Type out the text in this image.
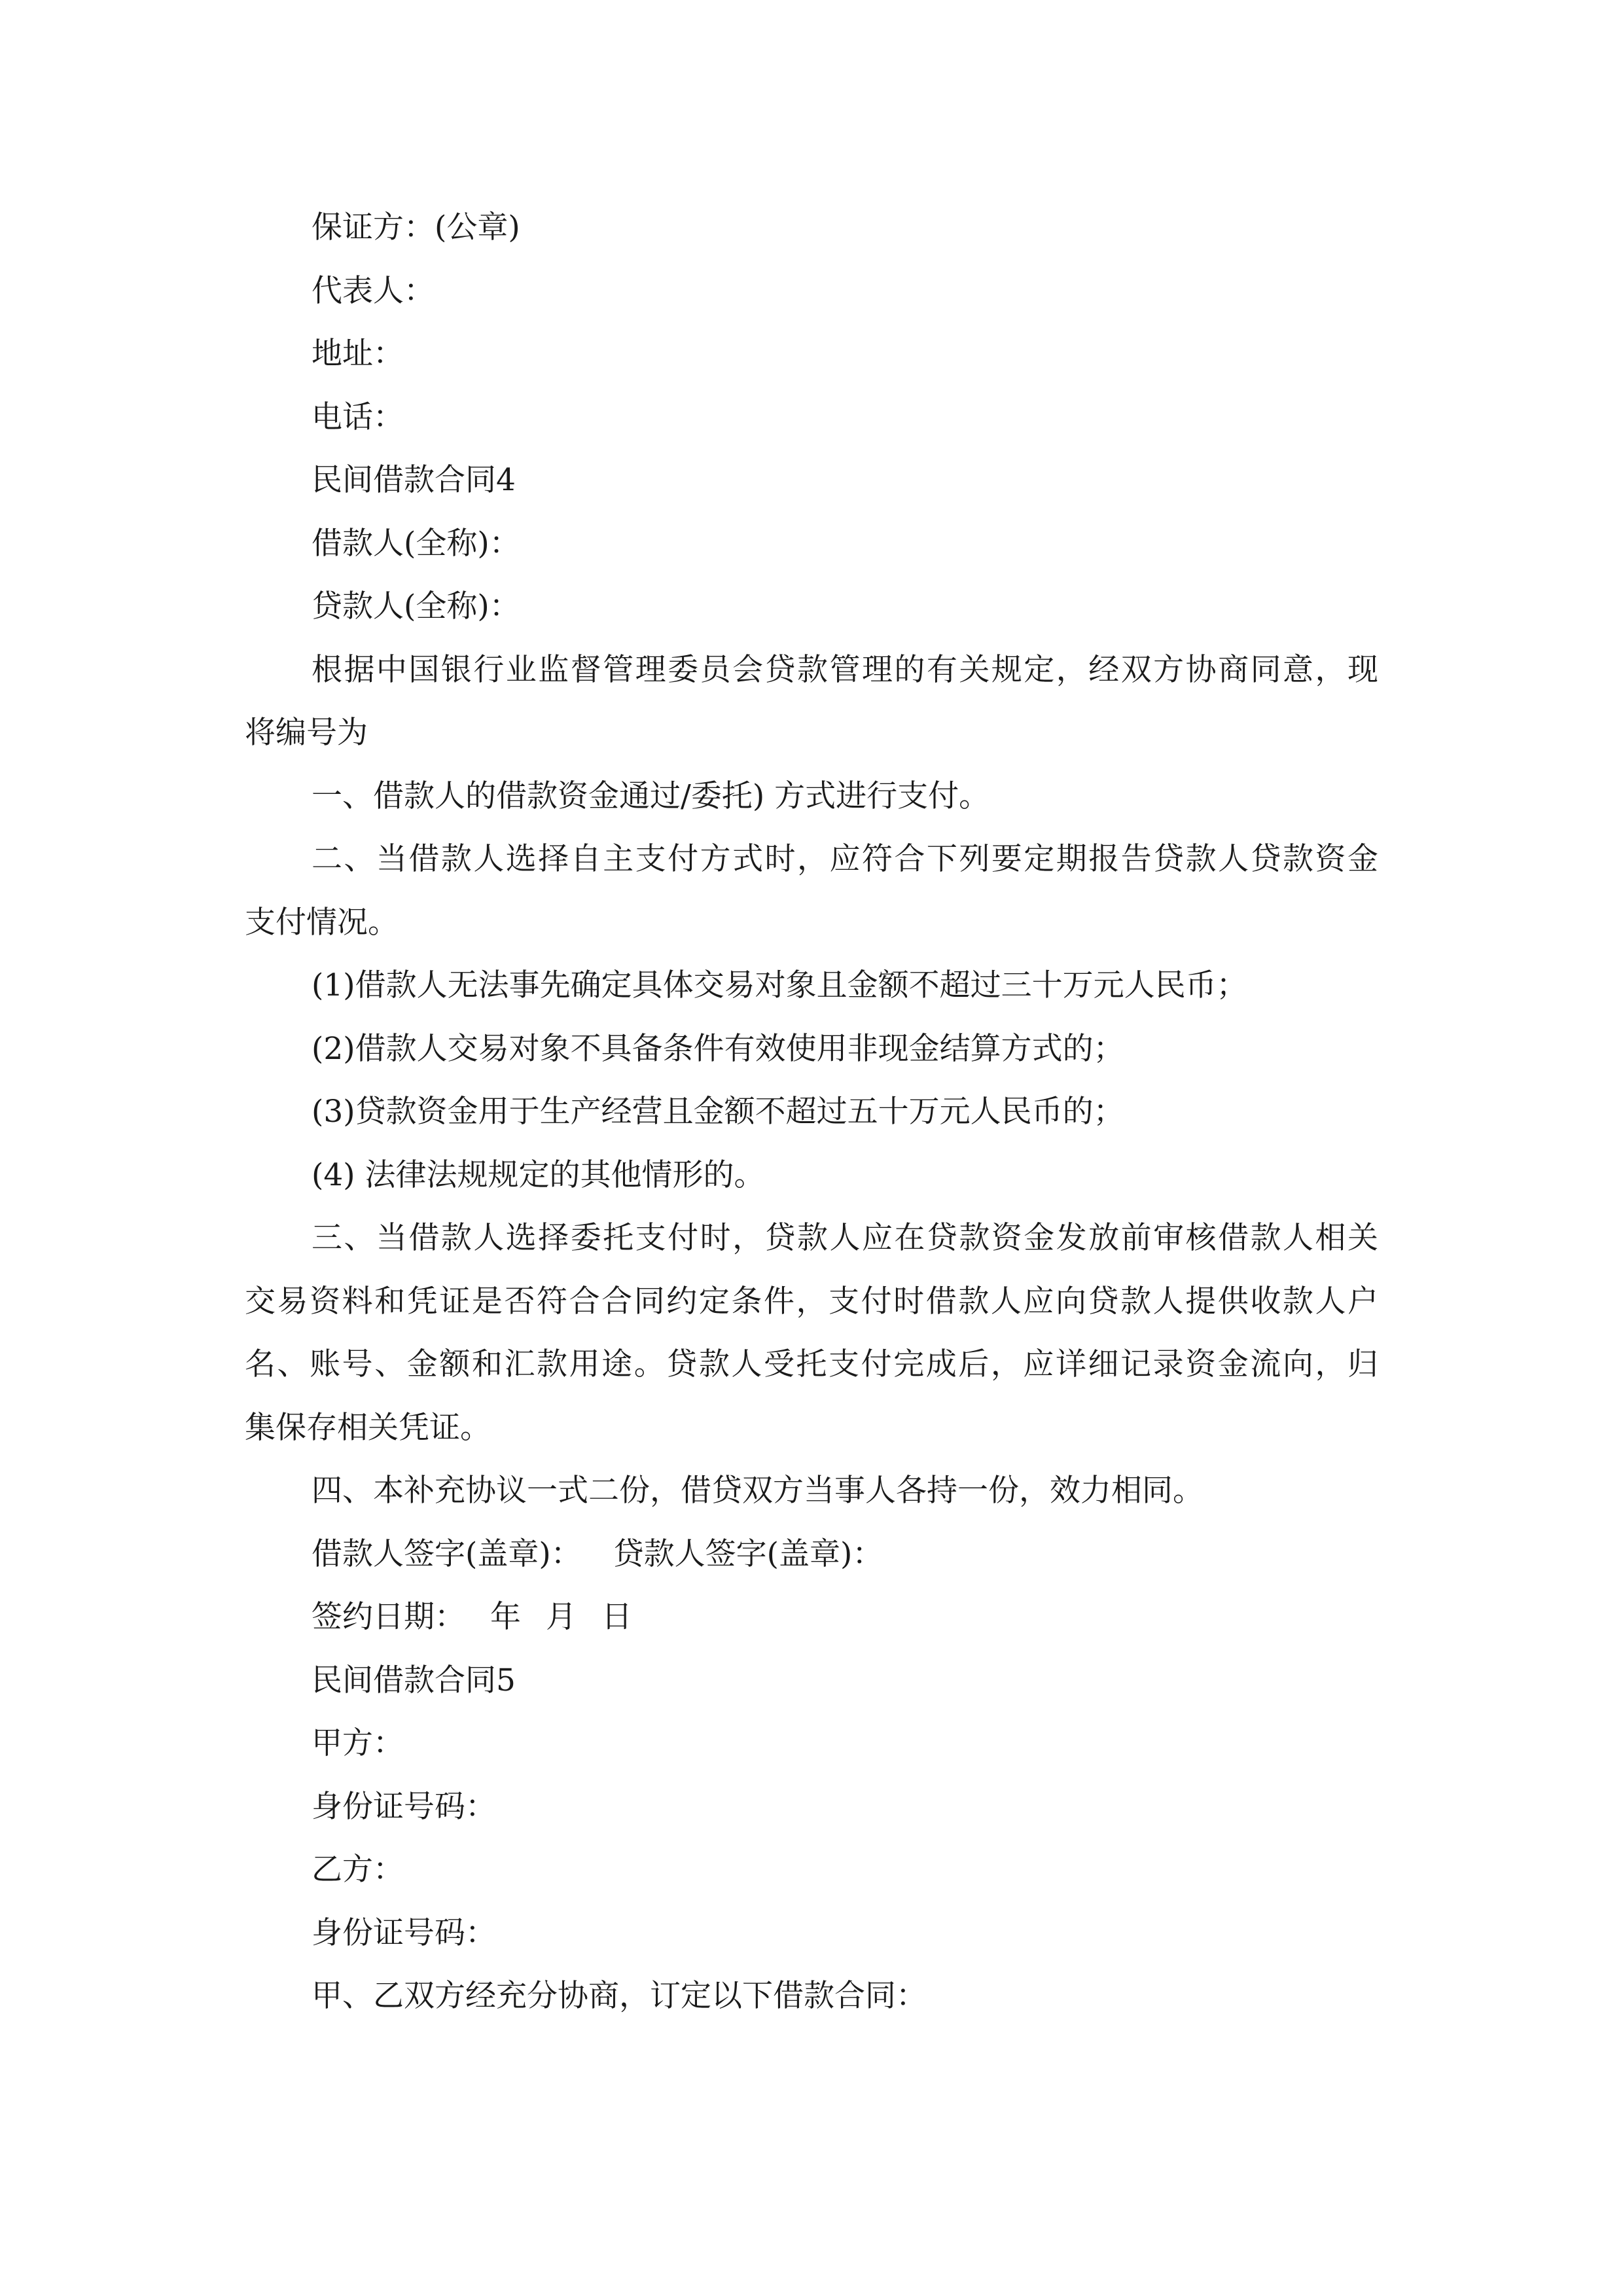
保证方：(公章)

代表人：

地址：

电话：

民间借款合同4

借款人(全称)：

贷款人(全称)：

根据中国银行业监督管理委员会贷款管理的有关规定，经双方协商同意，现

将编号为

一、借款人的借款资金通过/委托) 方式进行支付。

二、当借款人选择自主支付方式时，应符合下列要定期报告贷款人贷款资金

支付情况。

(1)借款人无法事先确定具体交易对象且金额不超过三十万元人民币；

(2)借款人交易对象不具备条件有效使用非现金结算方式的；

(3)贷款资金用于生产经营且金额不超过五十万元人民币的；

(4) 法律法规规定的其他情形的。

三、当借款人选择委托支付时，贷款人应在贷款资金发放前审核借款人相关

交易资料和凭证是否符合合同约定条件，支付时借款人应向贷款人提供收款人户

名、账号、金额和汇款用途。贷款人受托支付完成后，应详细记录资金流向，归

集保存相关凭证。

四、本补充协议一式二份，借贷双方当事人各持一份，效力相同。

借款人签字(盖章)： 贷款人签字(盖章)：

签约日期： 年 月 日

民间借款合同5

甲方：

身份证号码：

乙方：

身份证号码：

甲、乙双方经充分协商，订定以下借款合同：
